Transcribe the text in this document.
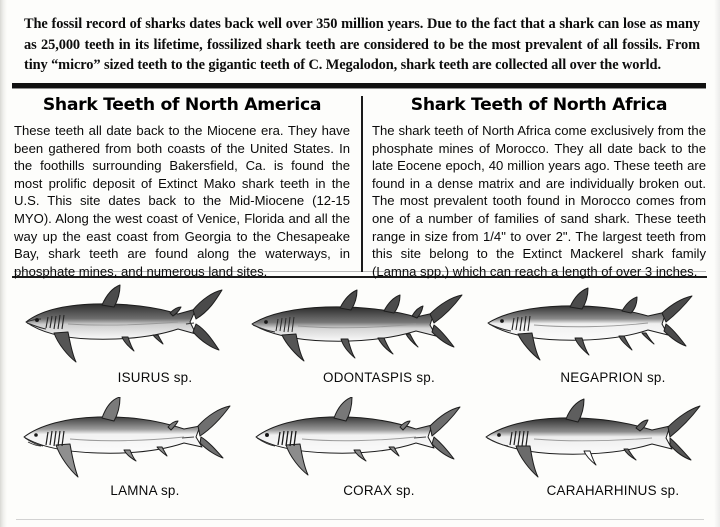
The fossil record of sharks dates back well over 350 million years. Due to the fact that a shark can lose as many as 25,000 teeth in its lifetime, fossilized shark teeth are considered to be the most prevalent of all fossils. From tiny “micro” sized teeth to the gigantic teeth of C. Megalodon, shark teeth are collected all over the world.
Shark Teeth of North America

These teeth all date back to the Miocene era. They have been gathered from both coasts of the United States. In the foothills surrounding Bakersfield, Ca. is found the most prolific deposit of Extinct Mako shark teeth in the U.S. This site dates back to the Mid-Miocene (12-15 MYO). Along the west coast of Venice, Florida and all the way up the east coast from Georgia to the Chesapeake Bay, shark teeth are found along the waterways, in phosphate mines, and numerous land sites.

Shark Teeth of North Africa

The shark teeth of North Africa come exclusively from the phosphate mines of Morocco. They all date back to the late Eocene epoch, 40 million years ago. These teeth are found in a dense matrix and are individually broken out. The most prevalent tooth found in Morocco comes from one of a number of families of sand shark. These teeth range in size from 1/4" to over 2". The largest teeth from this site belong to the Extinct Mackerel shark family (Lamna spp.) which can reach a length of over 3 inches.

ISURUS sp.	ODONTASPIS sp.	NEGAPRION sp.
LAMNA sp.	CORAX sp.	CARAHARHINUS sp.
